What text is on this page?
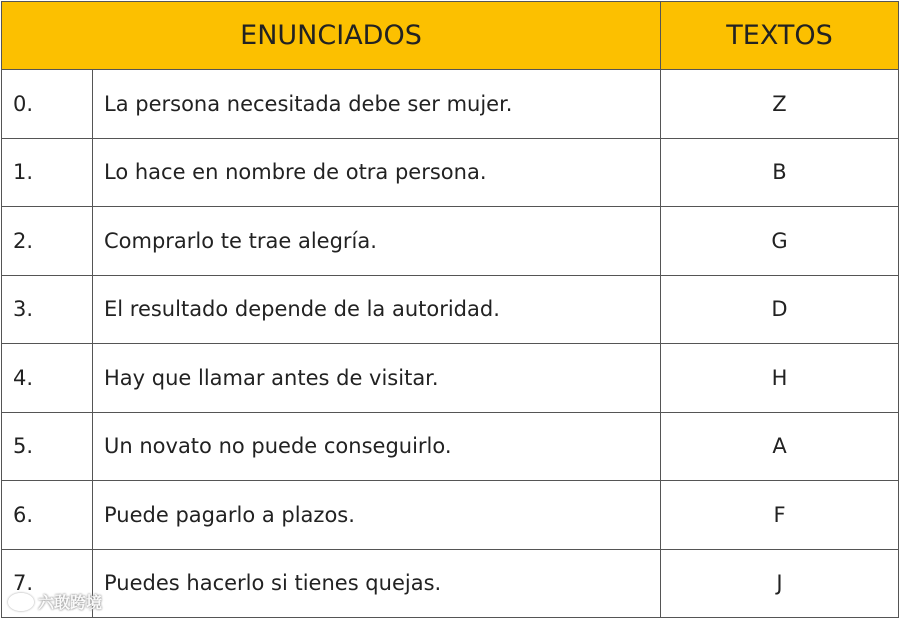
ENUNCIADOS		TEXTOS
0.	La persona necesitada debe ser mujer.	Z
1.	Lo hace en nombre de otra persona.	B
2.	Comprarlo te trae alegría.	G
3.	El resultado depende de la autoridad.	D
4.	Hay que llamar antes de visitar.	H
5.	Un novato no puede conseguirlo.	A
6.	Puede pagarlo a plazos.	F
7.	Puedes hacerlo si tienes quejas.	J
六敢跨境
